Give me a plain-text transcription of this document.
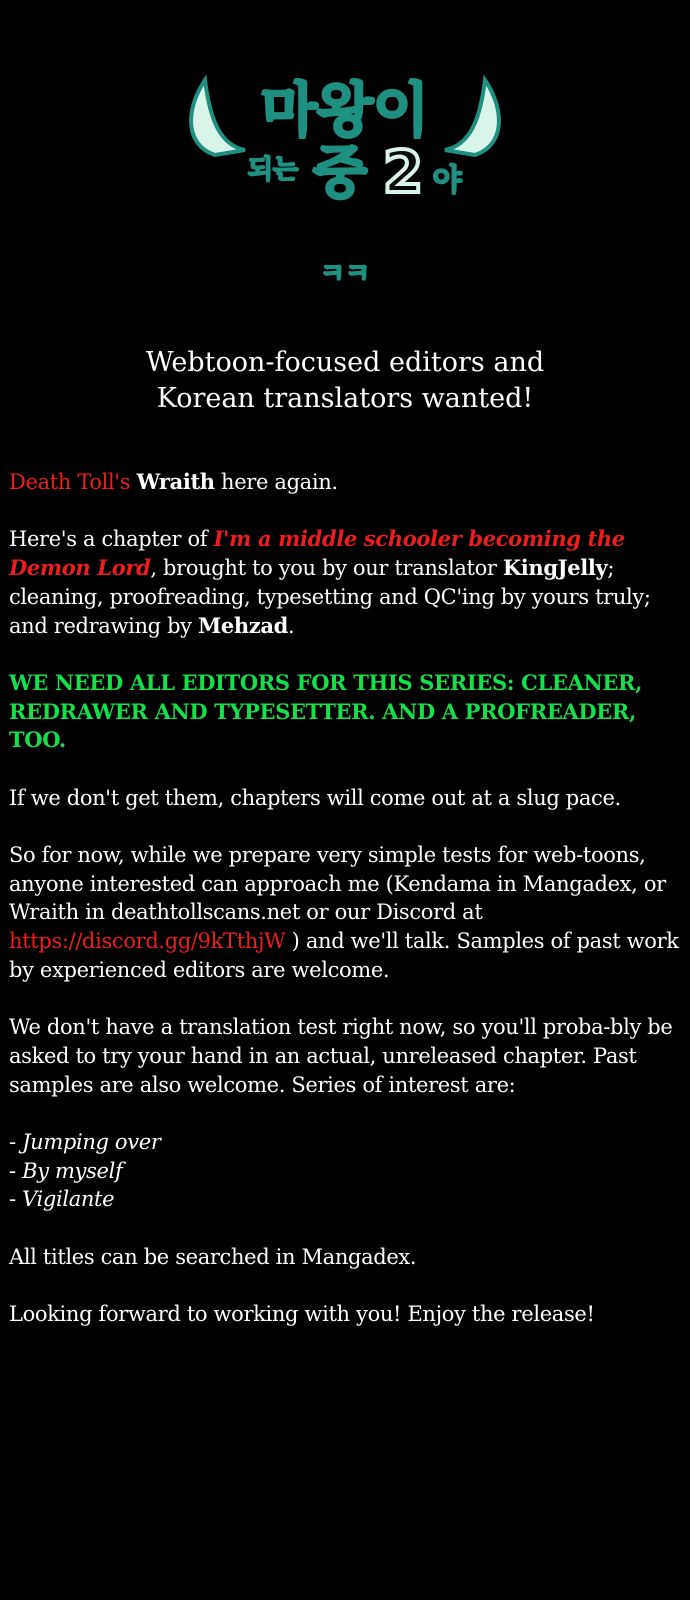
마왕이
되는 중 2 야
ㅋㅋ
Webtoon-focused editors and
Korean translators wanted!

Death Toll's Wraith here again.

Here's a chapter of I'm a middle schooler becoming the Demon Lord, brought to you by our translator KingJelly; cleaning, proofreading, typesetting and QC'ing by yours truly; and redrawing by Mehzad.

WE NEED ALL EDITORS FOR THIS SERIES: CLEANER, REDRAWER AND TYPESETTER. AND A PROFREADER, TOO.

If we don't get them, chapters will come out at a slug pace.

So for now, while we prepare very simple tests for web-toons, anyone interested can approach me (Kendama in Mangadex, or Wraith in deathtollscans.net or our Discord at https://discord.gg/9kTthjW ) and we'll talk. Samples of past work by experienced editors are welcome.

We don't have a translation test right now, so you'll proba-bly be asked to try your hand in an actual, unreleased chapter. Past samples are also welcome. Series of interest are:

- Jumping over
- By myself
- Vigilante

All titles can be searched in Mangadex.

Looking forward to working with you! Enjoy the release!
